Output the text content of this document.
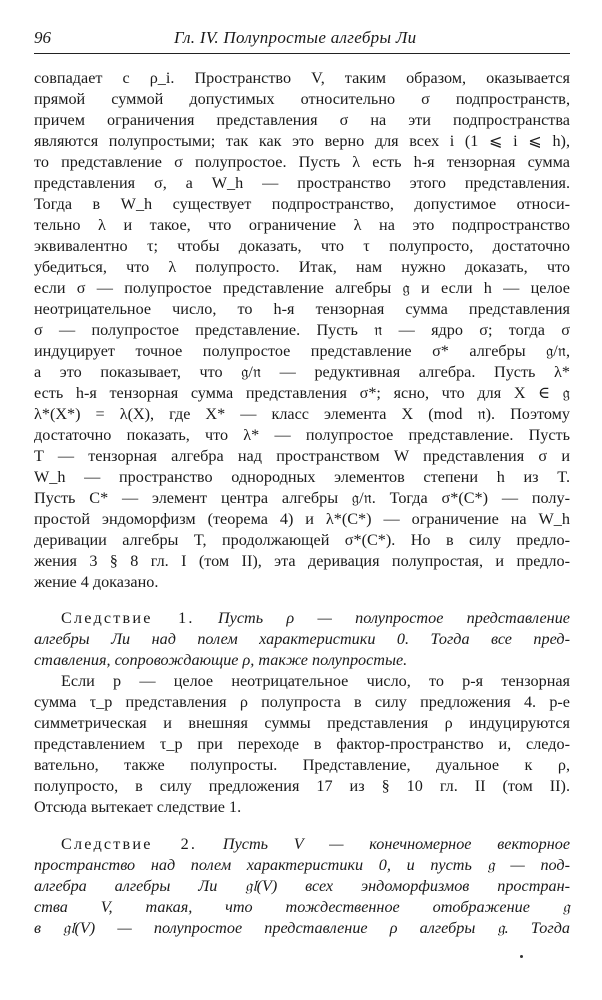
96	Гл. IV. Полупростые алгебры Ли
совпадает с ρ_i. Пространство V, таким образом, оказывается
прямой суммой допустимых относительно σ подпространств,
причем ограничения представления σ на эти подпространства
являются полупростыми; так как это верно для всех i (1 ⩽ i ⩽ h),
то представление σ полупростое. Пусть λ есть h-я тензорная сумма
представления σ, а W_h — пространство этого представления.
Тогда в W_h существует подпространство, допустимое относи-
тельно λ и такое, что ограничение λ на это подпространство
эквивалентно τ; чтобы доказать, что τ полупросто, достаточно
убедиться, что λ полупросто. Итак, нам нужно доказать, что
если σ — полупростое представление алгебры 𝔤 и если h — целое
неотрицательное число, то h-я тензорная сумма представления
σ — полупростое представление. Пусть 𝔫 — ядро σ; тогда σ
индуцирует точное полупростое представление σ* алгебры 𝔤/𝔫,
а это показывает, что 𝔤/𝔫 — редуктивная алгебра. Пусть λ*
есть h-я тензорная сумма представления σ*; ясно, что для X ∈ 𝔤
λ*(X*) = λ(X), где X* — класс элемента X (mod 𝔫). Поэтому
достаточно показать, что λ* — полупростое представление. Пусть
T — тензорная алгебра над пространством W представления σ и
W_h — пространство однородных элементов степени h из T.
Пусть C* — элемент центра алгебры 𝔤/𝔫. Тогда σ*(C*) — полу-
простой эндоморфизм (теорема 4) и λ*(C*) — ограничение на W_h
деривации алгебры T, продолжающей σ*(C*). Но в силу предло-
жения 3 § 8 гл. I (том II), эта деривация полупростая, и предло-
жение 4 доказано.
Следствие 1. Пусть ρ — полупростое представление
алгебры Ли над полем характеристики 0. Тогда все пред-
ставления, сопровождающие ρ, также полупростые.
Если p — целое неотрицательное число, то p-я тензорная
сумма τ_p представления ρ полупроста в силу предложения 4. p-е
симметрическая и внешняя суммы представления ρ индуцируются
представлением τ_p при переходе в фактор-пространство и, следо-
вательно, также полупросты. Представление, дуальное к ρ,
полупросто, в силу предложения 17 из § 10 гл. II (том II).
Отсюда вытекает следствие 1.
Следствие 2. Пусть V — конечномерное векторное
пространство над полем характеристики 0, и пусть 𝔤 — под-
алгебра алгебры Ли 𝔤𝔩(V) всех эндоморфизмов простран-
ства V, такая, что тождественное отображение 𝔤
в 𝔤𝔩(V) — полупростое представление ρ алгебры 𝔤. Тогда
